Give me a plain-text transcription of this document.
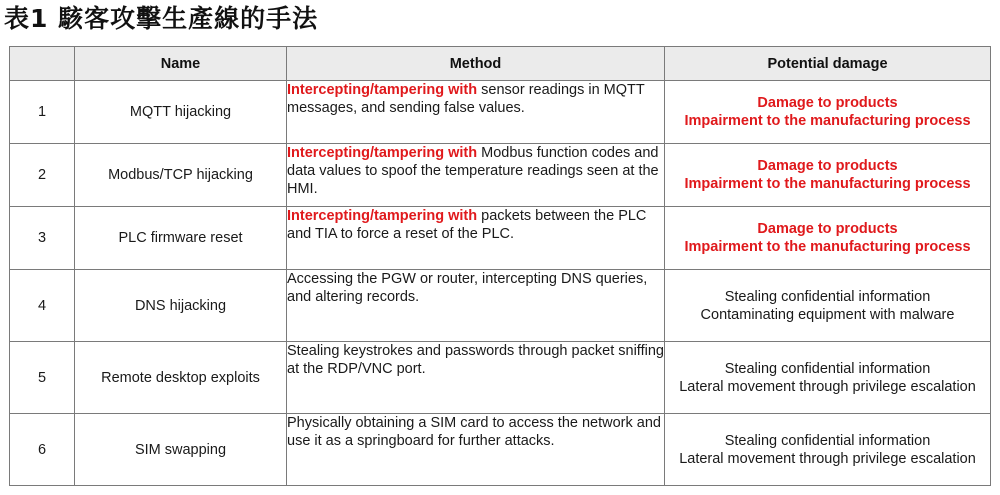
表1 駭客攻擊生產線的手法
	Name	Method	Potential damage
1	MQTT hijacking	Intercepting/tampering with sensor readings in MQTT messages, and sending false values.	Damage to products
Impairment to the manufacturing process

2	Modbus/TCP hijacking	Intercepting/tampering with Modbus function codes and data values to spoof the temperature readings seen at the HMI.	Damage to products
Impairment to the manufacturing process

3	PLC firmware reset	Intercepting/tampering with packets between the PLC and TIA to force a reset of the PLC.	Damage to products
Impairment to the manufacturing process

4	DNS hijacking	Accessing the PGW or router, intercepting DNS queries, and altering records.	Stealing confidential information
Contaminating equipment with malware

5	Remote desktop exploits	Stealing keystrokes and passwords through packet sniffing at the RDP/VNC port.	Stealing confidential information
Lateral movement through privilege escalation

6	SIM swapping	Physically obtaining a SIM card to access the network and use it as a springboard for further attacks.	Stealing confidential information
Lateral movement through privilege escalation
